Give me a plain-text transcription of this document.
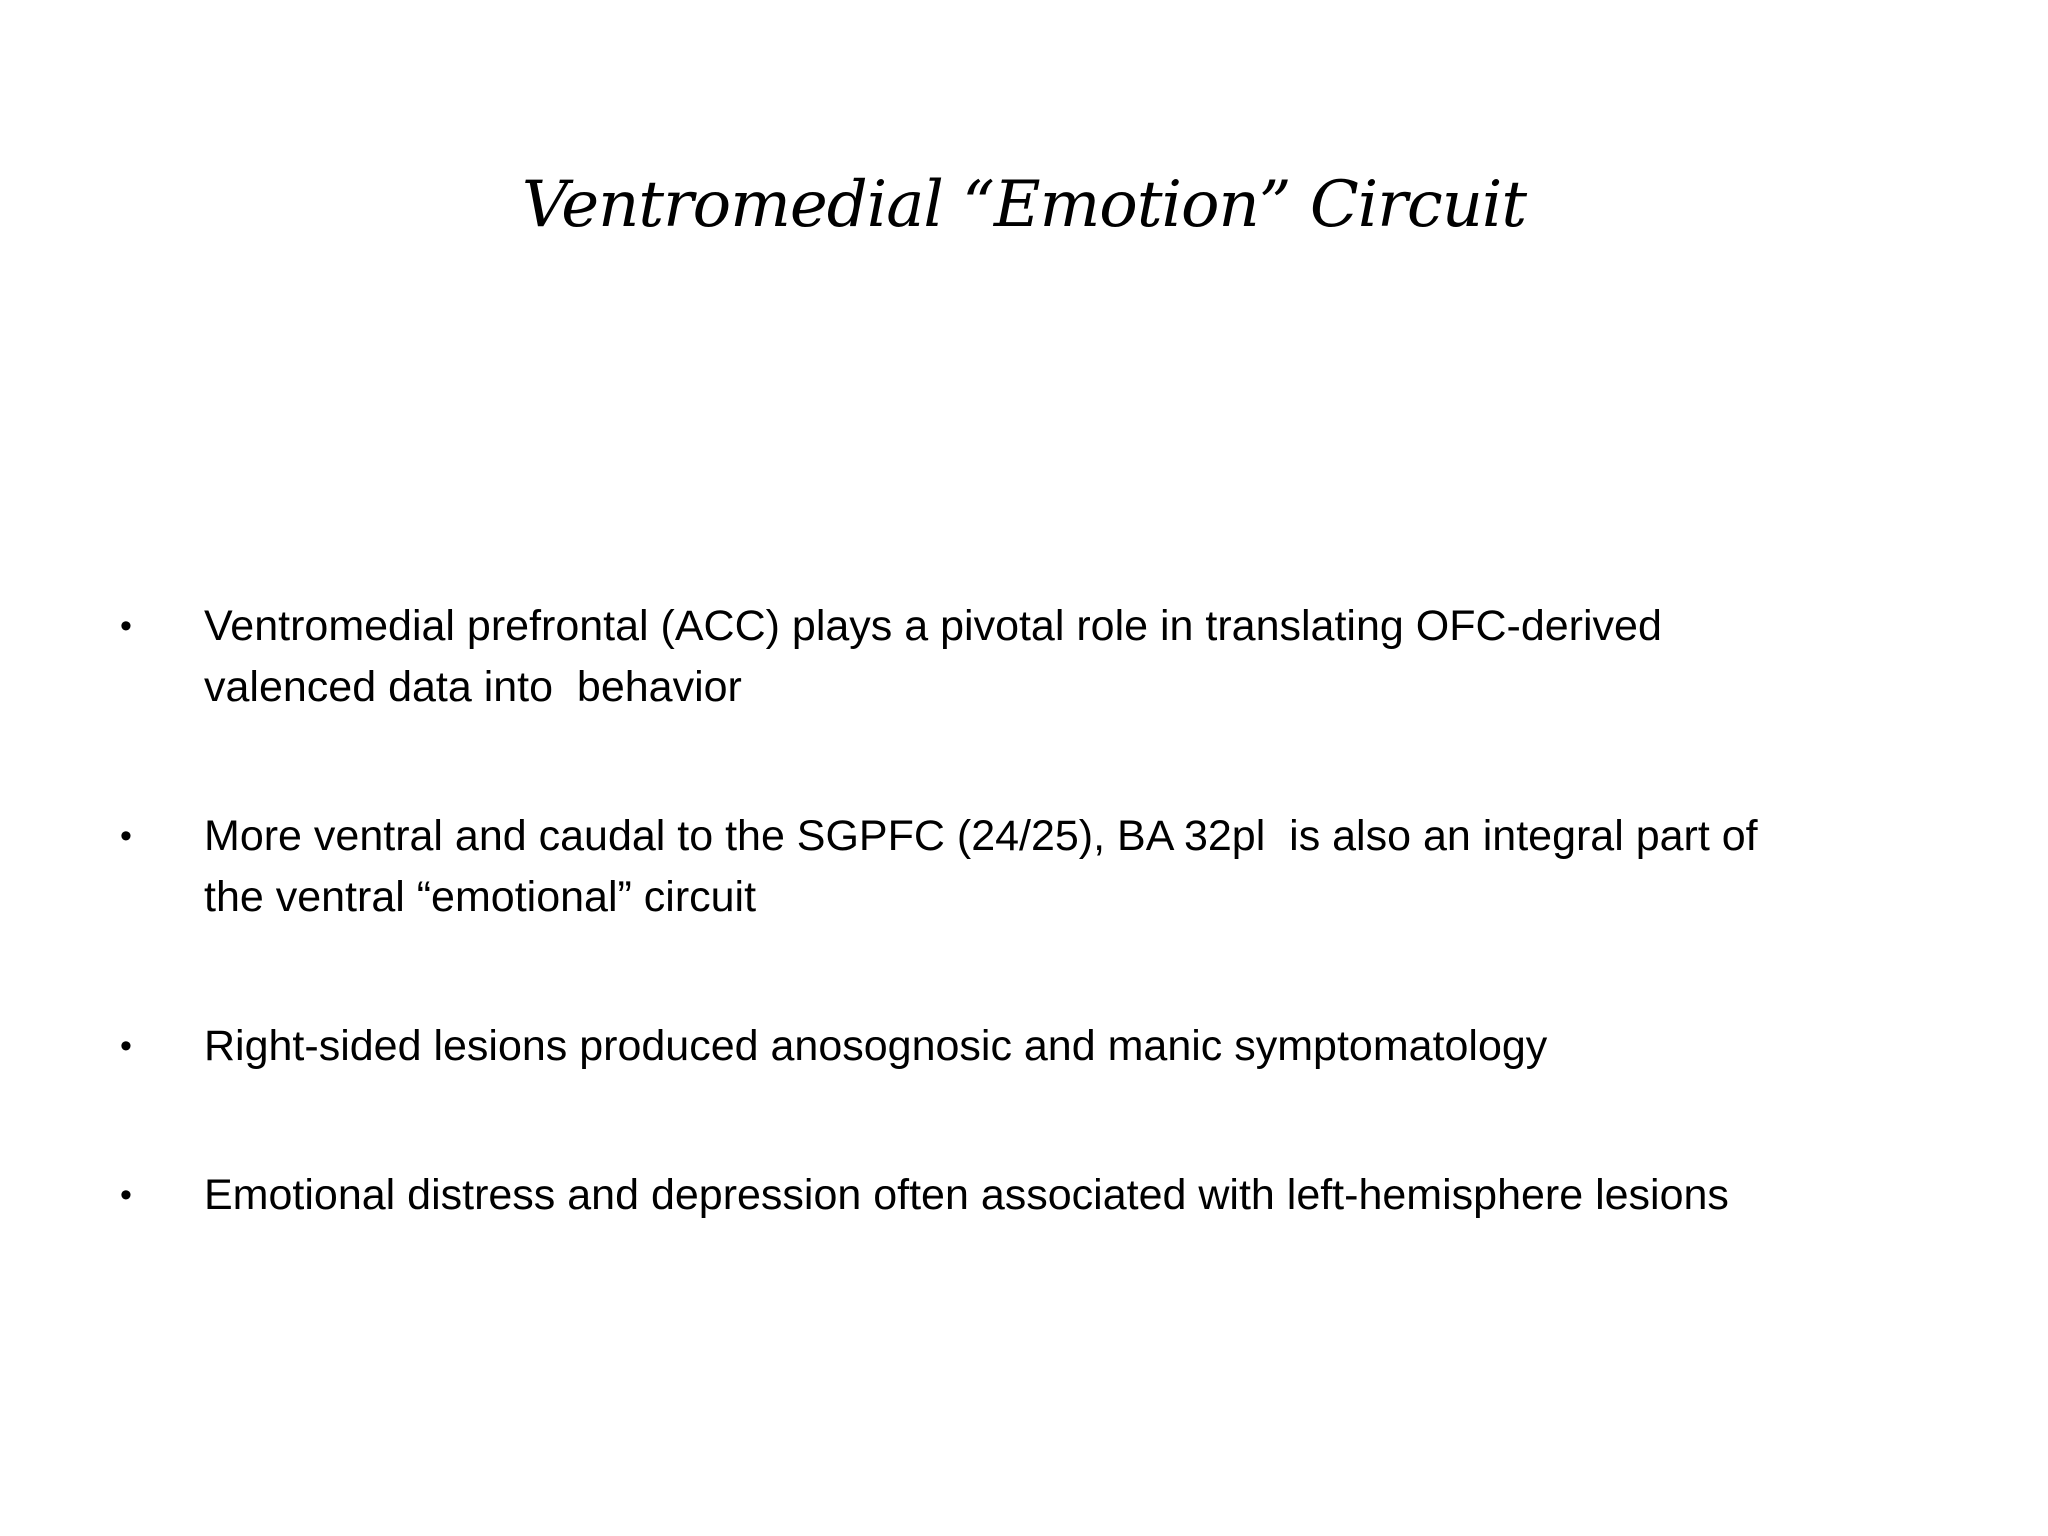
Ventromedial “Emotion” Circuit
•	Ventromedial prefrontal (ACC) plays a pivotal role in translating OFC-derived
valenced data into  behavior
•	More ventral and caudal to the SGPFC (24/25), BA 32pl  is also an integral part of
the ventral “emotional” circuit
•	Right-sided lesions produced anosognosic and manic symptomatology
•	Emotional distress and depression often associated with left-hemisphere lesions
